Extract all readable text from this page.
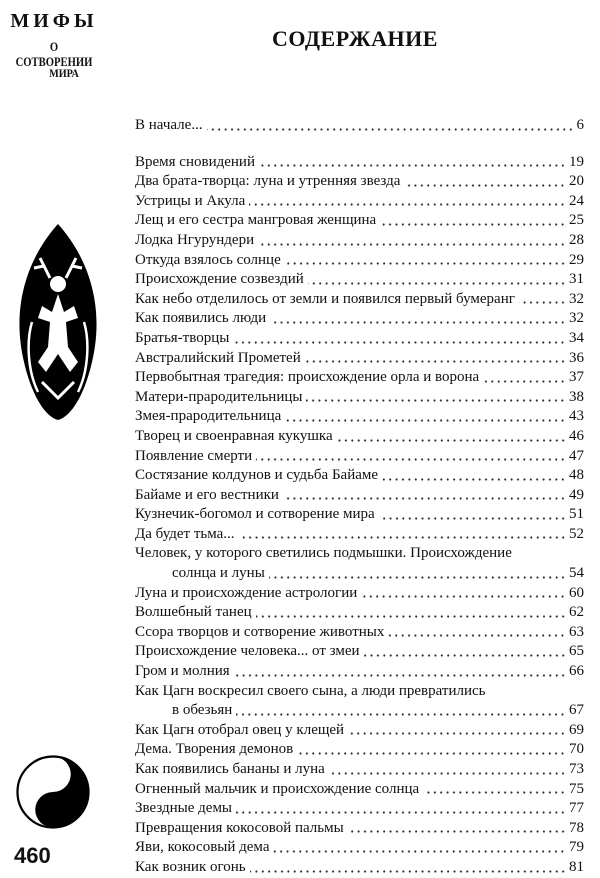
МИФЫ
О СОТВОРЕНИИ
МИРА
СОДЕРЖАНИЕ
В начале...	6
Время сновидений	19
Два брата-творца: луна и утренняя звезда	20
Устрицы и Акула	24
Лещ и его сестра мангровая женщина	25
Лодка Нгурундери	28
Откуда взялось солнце	29
Происхождение созвездий	31
Как небо отделилось от земли и появился первый бумеранг	32
Как появились люди	32
Братья-творцы	34
Австралийский Прометей	36
Первобытная трагедия: происхождение орла и ворона	37
Матери-прародительницы	38
Змея-прародительница	43
Творец и своенравная кукушка	46
Появление смерти	47
Состязание колдунов и судьба Байаме	48
Байаме и его вестники	49
Кузнечик-богомол и сотворение мира	51
Да будет тьма...	52
Человек, у которого светились подмышки. Происхождение
солнца и луны	54
Луна и происхождение астрологии	60
Волшебный танец	62
Ссора творцов и сотворение животных	63
Происхождение человека... от змеи	65
Гром и молния	66
Как Цагн воскресил своего сына, а люди превратились
в обезьян	67
Как Цагн отобрал овец у клещей	69
Дема. Творения демонов	70
Как появились бананы и луна	73
Огненный мальчик и происхождение солнца	75
Звездные демы	77
Превращения кокосовой пальмы	78
Яви, кокосовый дема	79
Как возник огонь	81
460
